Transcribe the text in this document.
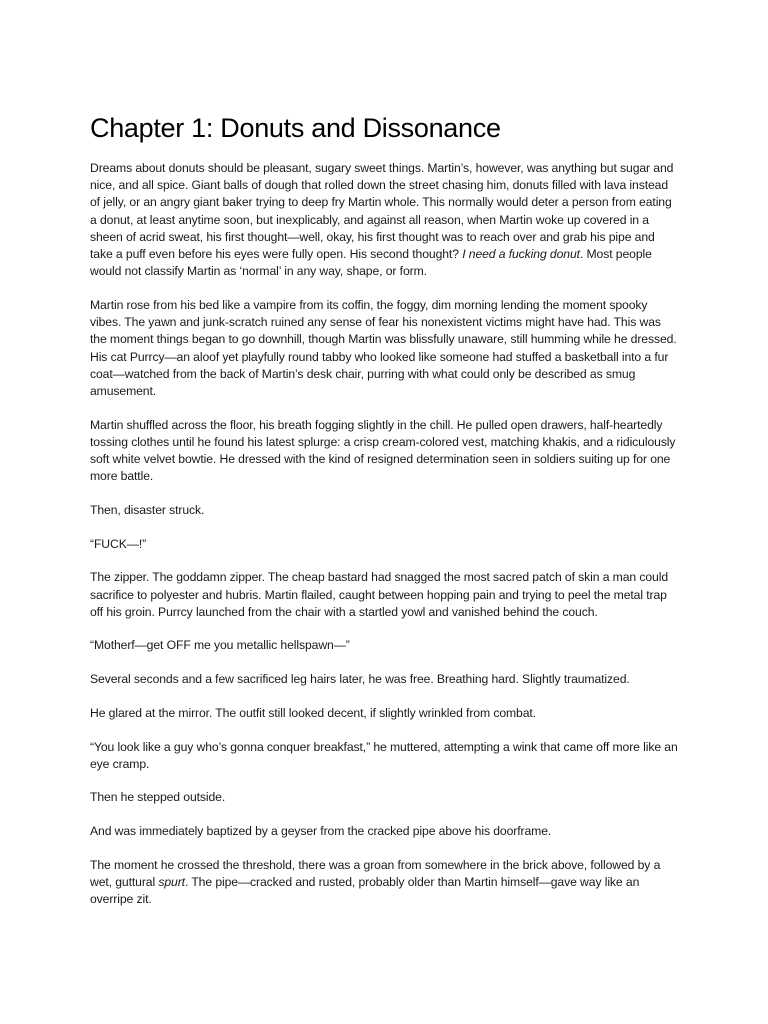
Chapter 1: Donuts and Dissonance

Dreams about donuts should be pleasant, sugary sweet things. Martin’s, however, was anything but sugar and nice, and all spice. Giant balls of dough that rolled down the street chasing him, donuts filled with lava instead of jelly, or an angry giant baker trying to deep fry Martin whole. This normally would deter a person from eating a donut, at least anytime soon, but inexplicably, and against all reason, when Martin woke up covered in a sheen of acrid sweat, his first thought—well, okay, his first thought was to reach over and grab his pipe and take a puff even before his eyes were fully open. His second thought? I need a fucking donut. Most people would not classify Martin as ‘normal’ in any way, shape, or form.

Martin rose from his bed like a vampire from its coffin, the foggy, dim morning lending the moment spooky vibes. The yawn and junk-scratch ruined any sense of fear his nonexistent victims might have had. This was the moment things began to go downhill, though Martin was blissfully unaware, still humming while he dressed. His cat Purrcy—an aloof yet playfully round tabby who looked like someone had stuffed a basketball into a fur coat—watched from the back of Martin’s desk chair, purring with what could only be described as smug amusement.

Martin shuffled across the floor, his breath fogging slightly in the chill. He pulled open drawers, half-heartedly tossing clothes until he found his latest splurge: a crisp cream-colored vest, matching khakis, and a ridiculously soft white velvet bowtie. He dressed with the kind of resigned determination seen in soldiers suiting up for one more battle.

Then, disaster struck.

“FUCK—!”

The zipper. The goddamn zipper. The cheap bastard had snagged the most sacred patch of skin a man could sacrifice to polyester and hubris. Martin flailed, caught between hopping pain and trying to peel the metal trap off his groin. Purrcy launched from the chair with a startled yowl and vanished behind the couch.

“Motherf—get OFF me you metallic hellspawn—”

Several seconds and a few sacrificed leg hairs later, he was free. Breathing hard. Slightly traumatized.

He glared at the mirror. The outfit still looked decent, if slightly wrinkled from combat.

“You look like a guy who’s gonna conquer breakfast,” he muttered, attempting a wink that came off more like an eye cramp.

Then he stepped outside.

And was immediately baptized by a geyser from the cracked pipe above his doorframe.

The moment he crossed the threshold, there was a groan from somewhere in the brick above, followed by a wet, guttural spurt. The pipe—cracked and rusted, probably older than Martin himself—gave way like an overripe zit.
